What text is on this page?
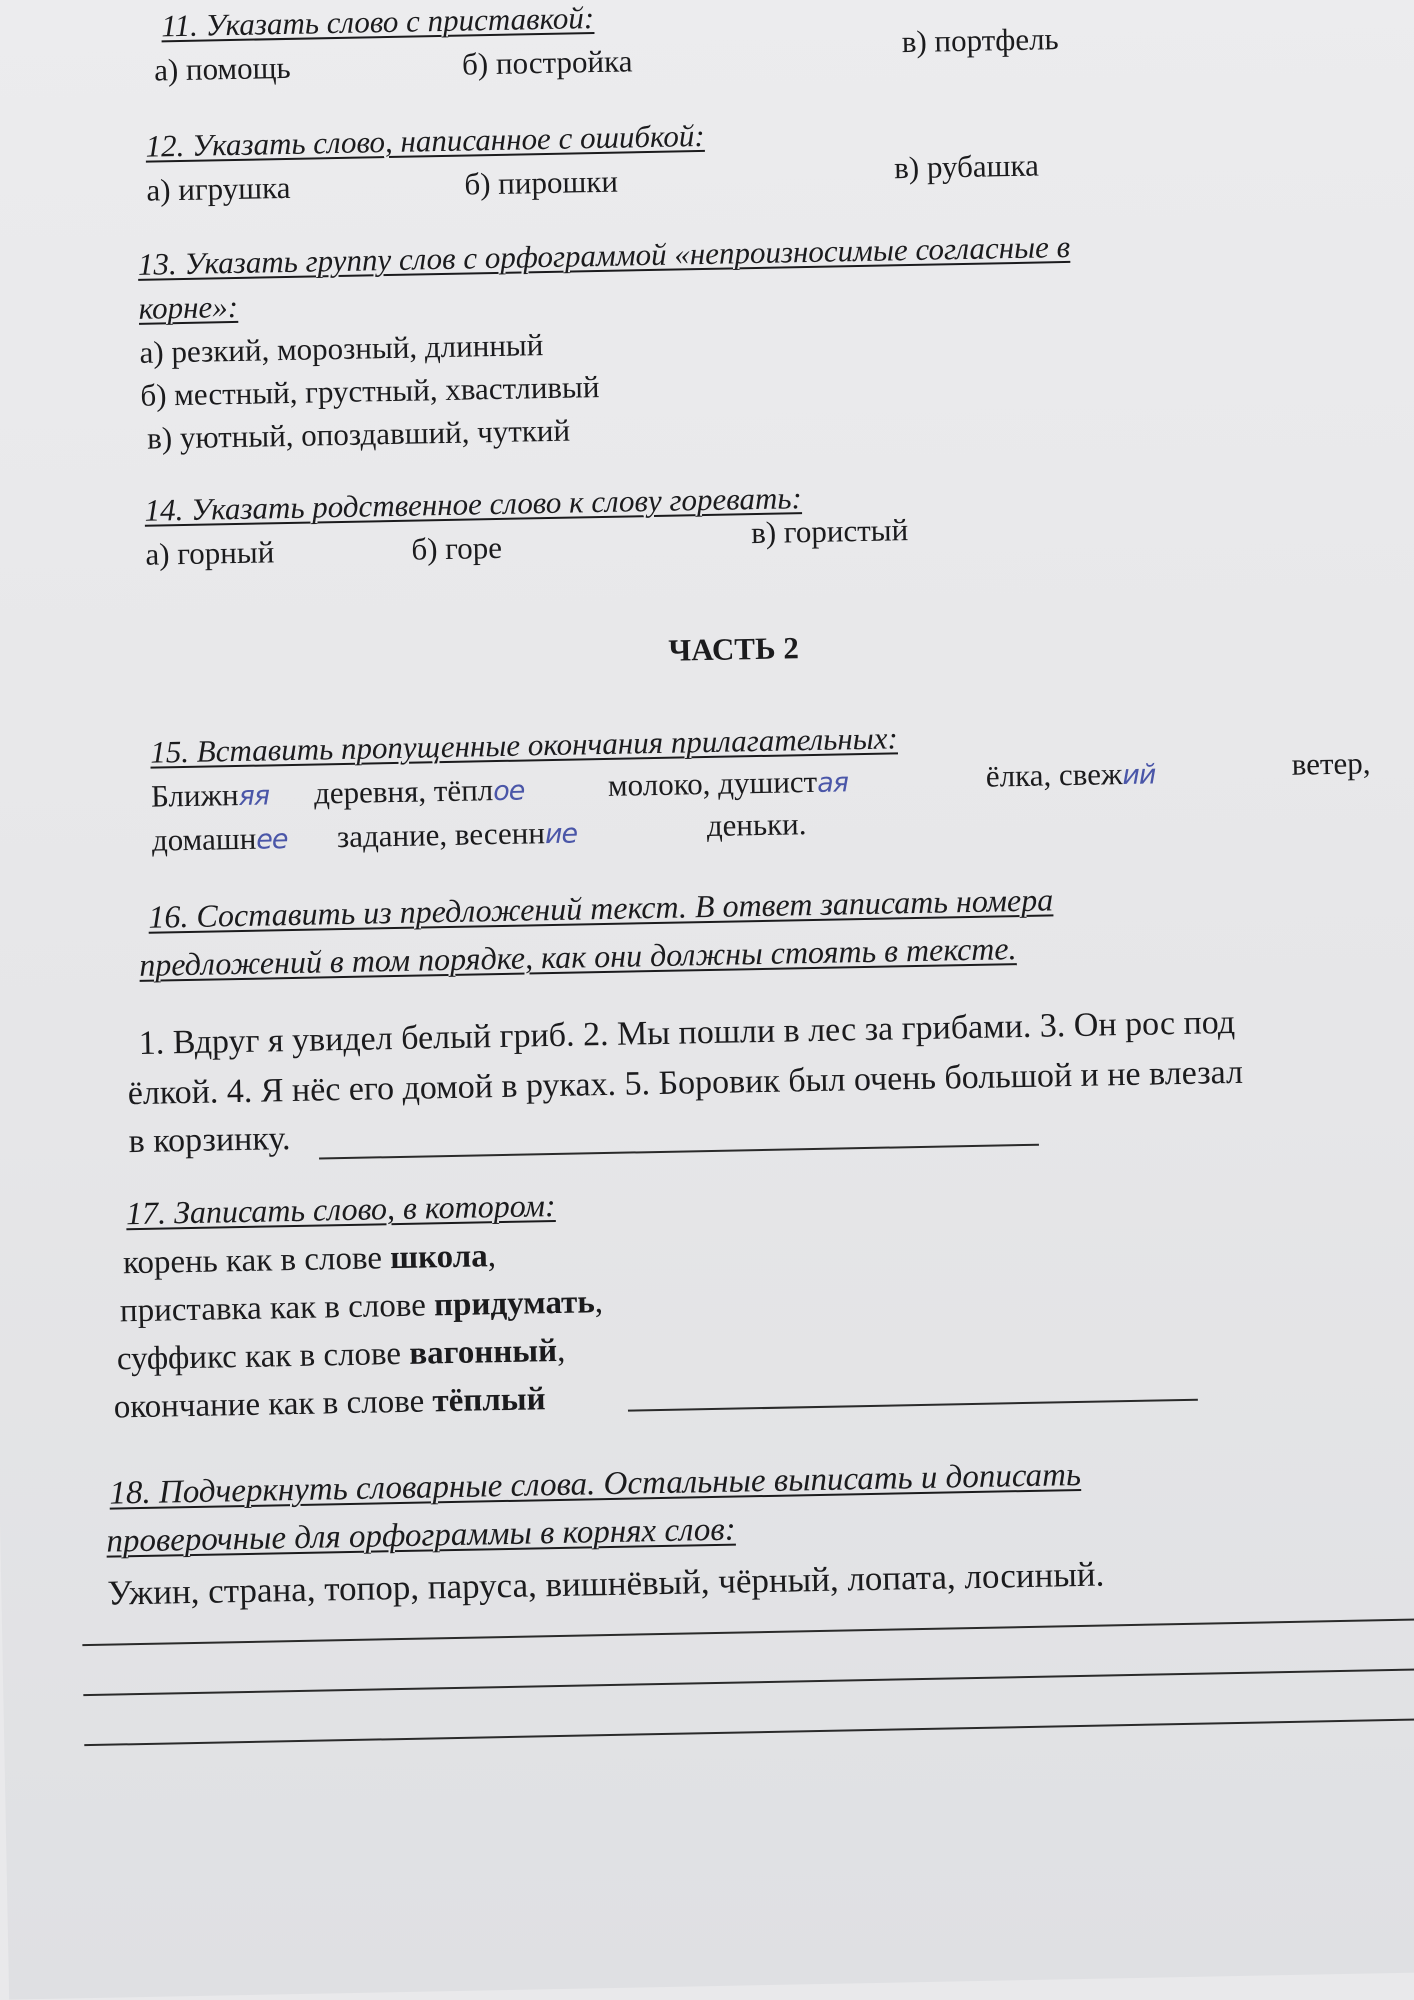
11. Указать слово с приставкой:
а) помощь	б) постройка
в) портфель
12. Указать слово, написанное с ошибкой:
а) игрушка	б) пирошки	в) рубашка
13. Указать группу слов с орфограммой «непроизносимые согласные в
корне»:
а) резкий, морозный, длинный
б) местный, грустный, хвастливый
в) уютный, опоздавший, чуткий
14. Указать родственное слово к слову горевать:
а) горный	б) горе	в) гористый
ЧАСТЬ 2
15. Вставить пропущенные окончания прилагательных:
Ближняя деревня, тёплое	молоко, душистая	ёлка, свежий	ветер,
домашнее задание, весенние	деньки.
16. Составить из предложений текст. В ответ записать номера
предложений в том порядке, как они должны стоять в тексте.
1. Вдруг я увидел белый гриб. 2. Мы пошли в лес за грибами. 3. Он рос под
ёлкой. 4. Я нёс его домой в руках. 5. Боровик был очень большой и не влезал
в корзинку.
17. Записать слово, в котором:
корень как в слове школа,
приставка как в слове придумать,
суффикс как в слове вагонный,
окончание как в слове тёплый
18. Подчеркнуть словарные слова. Остальные выписать и дописать
проверочные для орфограммы в корнях слов:
Ужин, страна, топор, паруса, вишнёвый, чёрный, лопата, лосиный.
